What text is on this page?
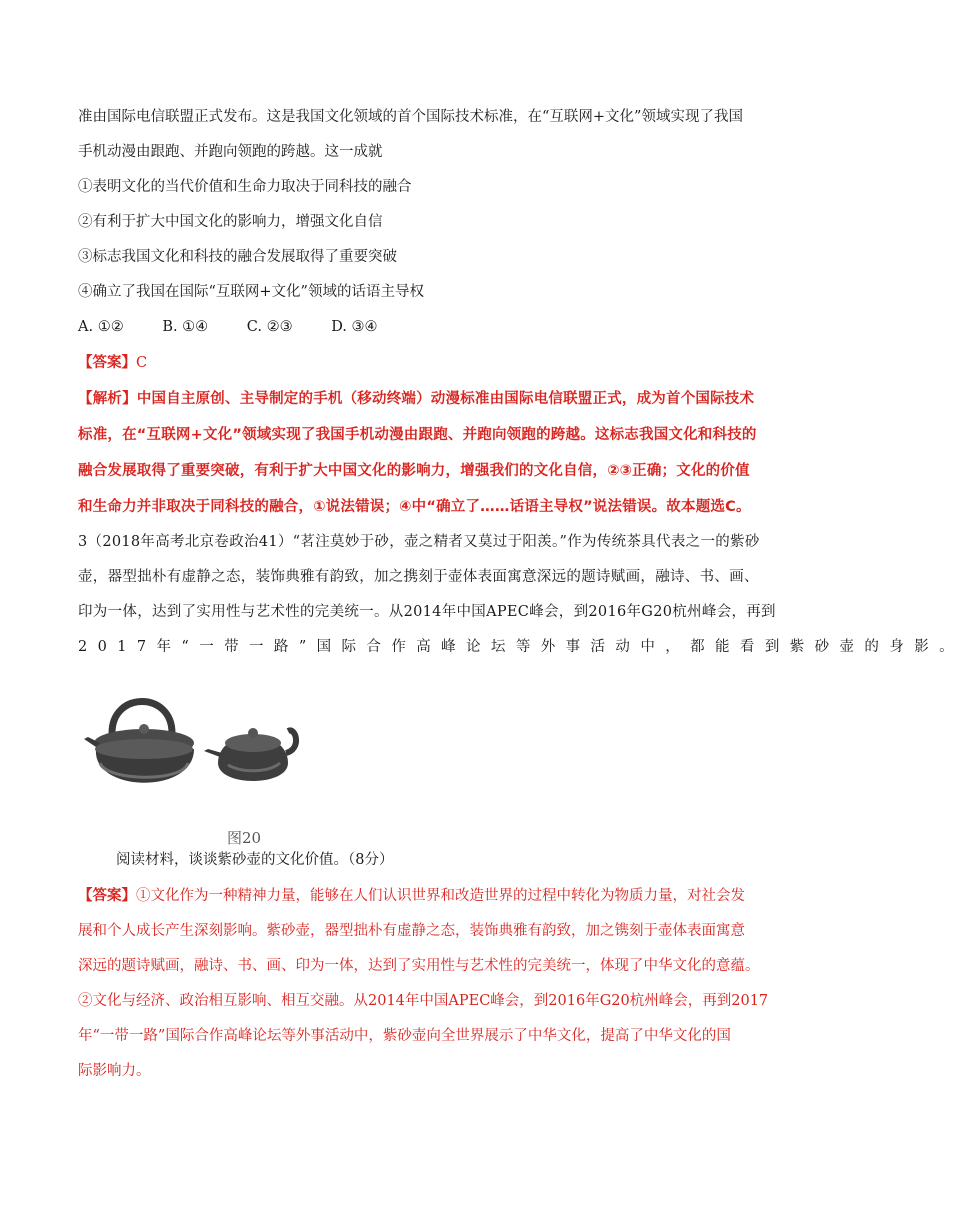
准由国际电信联盟正式发布。这是我国文化领域的首个国际技术标准，在“互联网+文化”领域实现了我国
手机动漫由跟跑、并跑向领跑的跨越。这一成就
①表明文化的当代价值和生命力取决于同科技的融合
②有利于扩大中国文化的影响力，增强文化自信
③标志我国文化和科技的融合发展取得了重要突破
④确立了我国在国际“互联网+文化”领域的话语主导权
A. ①②	B. ①④	C. ②③	D. ③④
【答案】C
【解析】中国自主原创、主导制定的手机（移动终端）动漫标准由国际电信联盟正式，成为首个国际技术
标准，在“互联网+文化”领域实现了我国手机动漫由跟跑、并跑向领跑的跨越。这标志我国文化和科技的
融合发展取得了重要突破，有利于扩大中国文化的影响力，增强我们的文化自信，②③正确；文化的价值
和生命力并非取决于同科技的融合，①说法错误；④中“确立了……话语主导权”说法错误。故本题选C。
3（2018年高考北京卷政治41）“茗注莫妙于砂，壶之精者又莫过于阳羡。”作为传统茶具代表之一的紫砂
壶，器型拙朴有虚静之态，装饰典雅有韵致，加之携刻于壶体表面寓意深远的题诗赋画，融诗、书、画、
印为一体，达到了实用性与艺术性的完美统一。从2014年中国APEC峰会，到2016年G20杭州峰会，再到
2017年“一带一路”国际合作高峰论坛等外事活动中，都能看到紫砂壶的身影。
图20
阅读材料，谈谈紫砂壶的文化价值。（8分）
【答案】①文化作为一种精神力量，能够在人们认识世界和改造世界的过程中转化为物质力量，对社会发
展和个人成长产生深刻影响。紫砂壶，器型拙朴有虚静之态，装饰典雅有韵致，加之镌刻于壶体表面寓意
深远的题诗赋画，融诗、书、画、印为一体，达到了实用性与艺术性的完美统一，体现了中华文化的意蕴。
②文化与经济、政治相互影响、相互交融。从2014年中国APEC峰会，到2016年G20杭州峰会，再到2017
年“一带一路”国际合作高峰论坛等外事活动中，紫砂壶向全世界展示了中华文化，提高了中华文化的国
际影响力。
